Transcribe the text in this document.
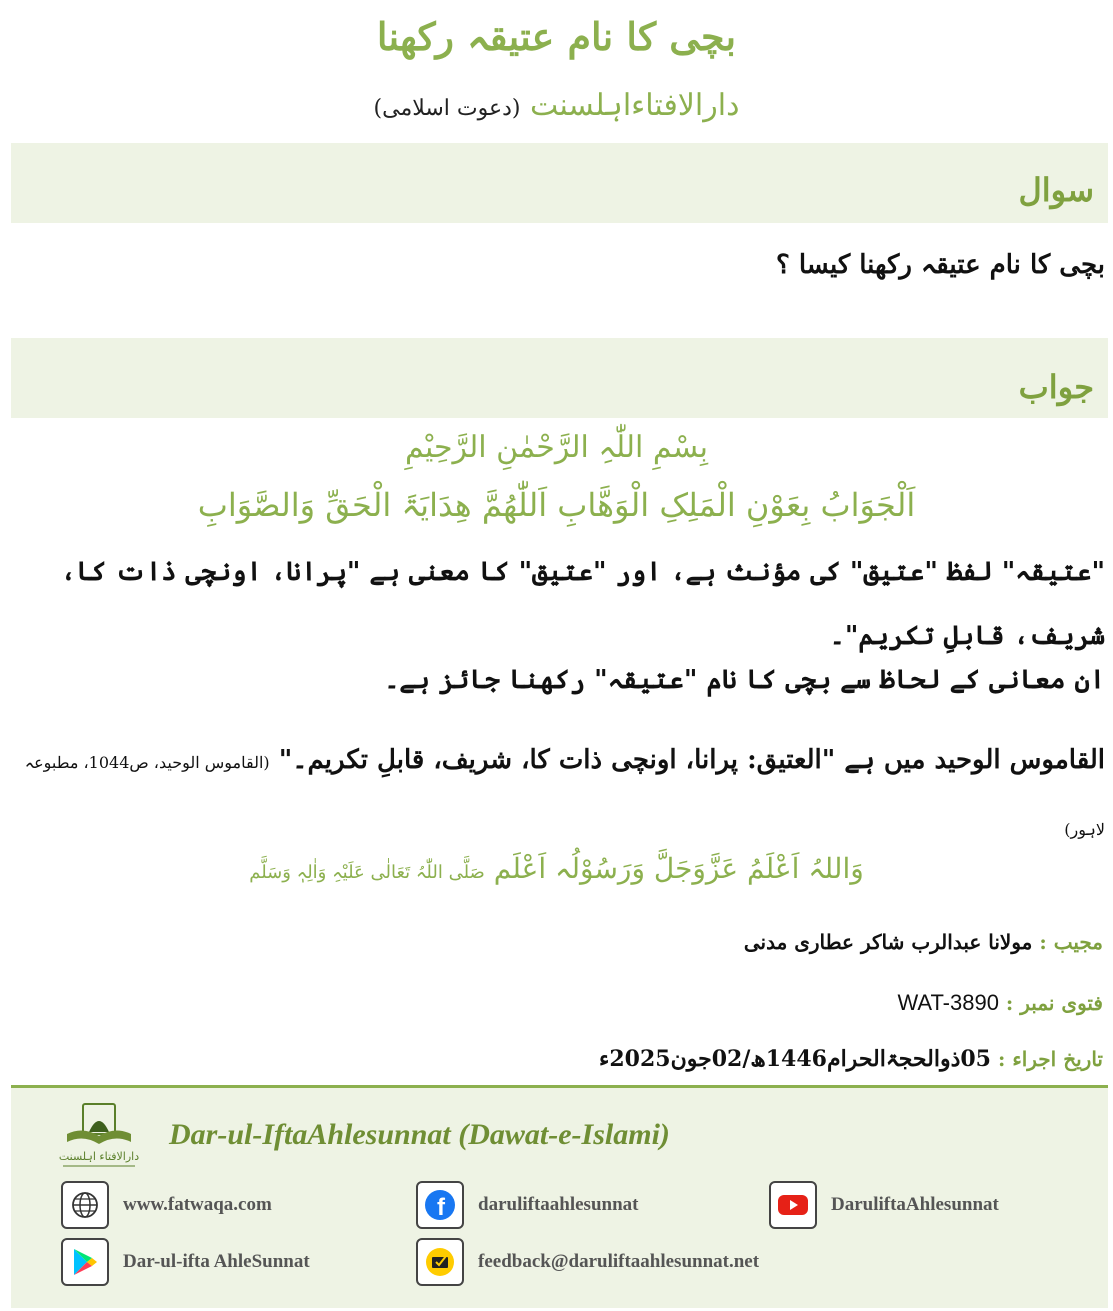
بچی کا نام عتیقہ رکھنا
دارالافتاءاہلسنت (دعوت اسلامی)
سوال
بچی کا نام عتیقہ رکھنا کیسا ؟
جواب
بِسْمِ اللّٰہِ الرَّحْمٰنِ الرَّحِیْمِ
اَلْجَوَابُ بِعَوْنِ الْمَلِکِ الْوَھَّابِ اَللّٰھُمَّ ھِدَایَۃَ الْحَقِّ وَالصَّوَابِ
"عتیقہ" لفظ "عتیق" کی مؤنث ہے، اور "عتیق" کا معنی ہے "پرانا، اونچی ذات کا، شریف، قابلِ تکریم"۔
ان معانی کے لحاظ سے بچی کا نام "عتیقہ" رکھنا جائز ہے۔
القاموس الوحید میں ہے "العتیق: پرانا، اونچی ذات کا، شریف، قابلِ تکریم۔" (القاموس الوحید، ص1044، مطبوعہ لاہور)
وَاللہُ اَعْلَمُ عَزَّوَجَلَّ وَرَسُوْلُہ اَعْلَم صَلَّی اللّٰہُ تَعَالٰی عَلَیْہِ وَاٰلِہٖ وَسَلَّم
مجیب : مولانا عبدالرب شاکر عطاری مدنی
فتوی نمبر : WAT-3890
تاریخ اجراء : 05ذوالحجۃالحرام1446ھ/02جون2025ء
دارالافتاء اہلسنت
Dar-ul-IftaAhlesunnat (Dawat-e-Islami)
www.fatwaqa.com	f daruliftaahlesunnat	DaruliftaAhlesunnat
Dar-ul-ifta AhleSunnat	feedback@daruliftaahlesunnat.net
